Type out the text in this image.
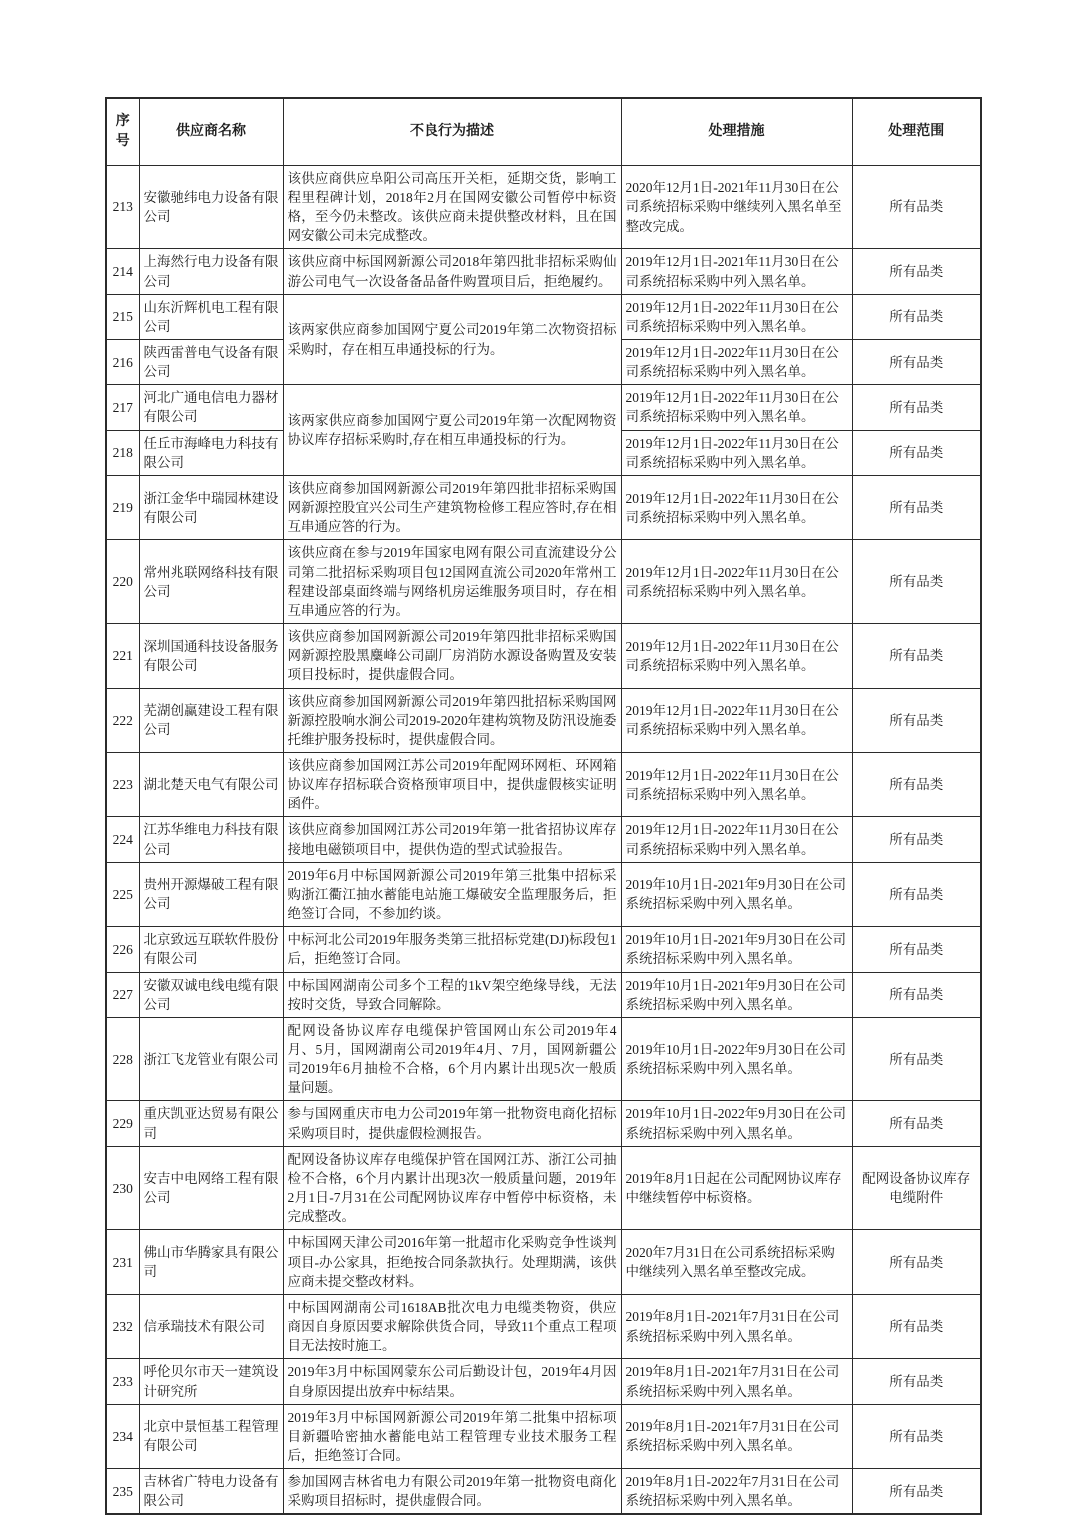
序号	供应商名称	不良行为描述	处理措施	处理范围
213	安徽驰纬电力设备有限公司	该供应商供应阜阳公司高压开关柜，延期交货，影响工程里程碑计划，2018年2月在国网安徽公司暂停中标资格，至今仍未整改。该供应商未提供整改材料，且在国网安徽公司未完成整改。	2020年12月1日-2021年11月30日在公司系统招标采购中继续列入黑名单至整改完成。	所有品类
214	上海然行电力设备有限公司	该供应商中标国网新源公司2018年第四批非招标采购仙游公司电气一次设备备品备件购置项目后，拒绝履约。	2019年12月1日-2021年11月30日在公司系统招标采购中列入黑名单。	所有品类
215	山东沂辉机电工程有限公司	该两家供应商参加国网宁夏公司2019年第二次物资招标采购时，存在相互串通投标的行为。	2019年12月1日-2022年11月30日在公司系统招标采购中列入黑名单。	所有品类
216	陕西雷普电气设备有限公司		2019年12月1日-2022年11月30日在公司系统招标采购中列入黑名单。	所有品类
217	河北广通电信电力器材有限公司	该两家供应商参加国网宁夏公司2019年第一次配网物资协议库存招标采购时,存在相互串通投标的行为。	2019年12月1日-2022年11月30日在公司系统招标采购中列入黑名单。	所有品类
218	任丘市海峰电力科技有限公司		2019年12月1日-2022年11月30日在公司系统招标采购中列入黑名单。	所有品类
219	浙江金华中瑞园林建设有限公司	该供应商参加国网新源公司2019年第四批非招标采购国网新源控股宜兴公司生产建筑物检修工程应答时,存在相互串通应答的行为。	2019年12月1日-2022年11月30日在公司系统招标采购中列入黑名单。	所有品类
220	常州兆联网络科技有限公司	该供应商在参与2019年国家电网有限公司直流建设分公司第二批招标采购项目包12国网直流公司2020年常州工程建设部桌面终端与网络机房运维服务项目时，存在相互串通应答的行为。	2019年12月1日-2022年11月30日在公司系统招标采购中列入黑名单。	所有品类
221	深圳国通科技设备服务有限公司	该供应商参加国网新源公司2019年第四批非招标采购国网新源控股黑麋峰公司副厂房消防水源设备购置及安装项目投标时，提供虚假合同。	2019年12月1日-2022年11月30日在公司系统招标采购中列入黑名单。	所有品类
222	芜湖创赢建设工程有限公司	该供应商参加国网新源公司2019年第四批招标采购国网新源控股响水涧公司2019-2020年建构筑物及防汛设施委托维护服务投标时，提供虚假合同。	2019年12月1日-2022年11月30日在公司系统招标采购中列入黑名单。	所有品类
223	湖北楚天电气有限公司	该供应商参加国网江苏公司2019年配网环网柜、环网箱协议库存招标联合资格预审项目中，提供虚假核实证明函件。	2019年12月1日-2022年11月30日在公司系统招标采购中列入黑名单。	所有品类
224	江苏华维电力科技有限公司	该供应商参加国网江苏公司2019年第一批省招协议库存接地电磁锁项目中，提供伪造的型式试验报告。	2019年12月1日-2022年11月30日在公司系统招标采购中列入黑名单。	所有品类
225	贵州开源爆破工程有限公司	2019年6月中标国网新源公司2019年第三批集中招标采购浙江衢江抽水蓄能电站施工爆破安全监理服务后，拒绝签订合同，不参加约谈。	2019年10月1日-2021年9月30日在公司系统招标采购中列入黑名单。	所有品类
226	北京致远互联软件股份有限公司	中标河北公司2019年服务类第三批招标党建(DJ)标段包1后，拒绝签订合同。	2019年10月1日-2021年9月30日在公司系统招标采购中列入黑名单。	所有品类
227	安徽双诚电线电缆有限公司	中标国网湖南公司多个工程的1kV架空绝缘导线，无法按时交货，导致合同解除。	2019年10月1日-2021年9月30日在公司系统招标采购中列入黑名单。	所有品类
228	浙江飞龙管业有限公司	配网设备协议库存电缆保护管国网山东公司2019年4月、5月，国网湖南公司2019年4月、7月，国网新疆公司2019年6月抽检不合格，6个月内累计出现5次一般质量问题。	2019年10月1日-2022年9月30日在公司系统招标采购中列入黑名单。	所有品类
229	重庆凯亚达贸易有限公司	参与国网重庆市电力公司2019年第一批物资电商化招标采购项目时，提供虚假检测报告。	2019年10月1日-2022年9月30日在公司系统招标采购中列入黑名单。	所有品类
230	安吉中电网络工程有限公司	配网设备协议库存电缆保护管在国网江苏、浙江公司抽检不合格，6个月内累计出现3次一般质量问题，2019年2月1日-7月31在公司配网协议库存中暂停中标资格，未完成整改。	2019年8月1日起在公司配网协议库存中继续暂停中标资格。	配网设备协议库存电缆附件
231	佛山市华腾家具有限公司	中标国网天津公司2016年第一批超市化采购竞争性谈判项目-办公家具，拒绝按合同条款执行。处理期满，该供应商未提交整改材料。	2020年7月31日在公司系统招标采购中继续列入黑名单至整改完成。	所有品类
232	信承瑞技术有限公司	中标国网湖南公司1618AB批次电力电缆类物资，供应商因自身原因要求解除供货合同，导致11个重点工程项目无法按时施工。	2019年8月1日-2021年7月31日在公司系统招标采购中列入黑名单。	所有品类
233	呼伦贝尔市天一建筑设计研究所	2019年3月中标国网蒙东公司后勤设计包，2019年4月因自身原因提出放弃中标结果。	2019年8月1日-2021年7月31日在公司系统招标采购中列入黑名单。	所有品类
234	北京中景恒基工程管理有限公司	2019年3月中标国网新源公司2019年第二批集中招标项目新疆哈密抽水蓄能电站工程管理专业技术服务工程后，拒绝签订合同。	2019年8月1日-2021年7月31日在公司系统招标采购中列入黑名单。	所有品类
235	吉林省广特电力设备有限公司	参加国网吉林省电力有限公司2019年第一批物资电商化采购项目招标时，提供虚假合同。	2019年8月1日-2022年7月31日在公司系统招标采购中列入黑名单。	所有品类
